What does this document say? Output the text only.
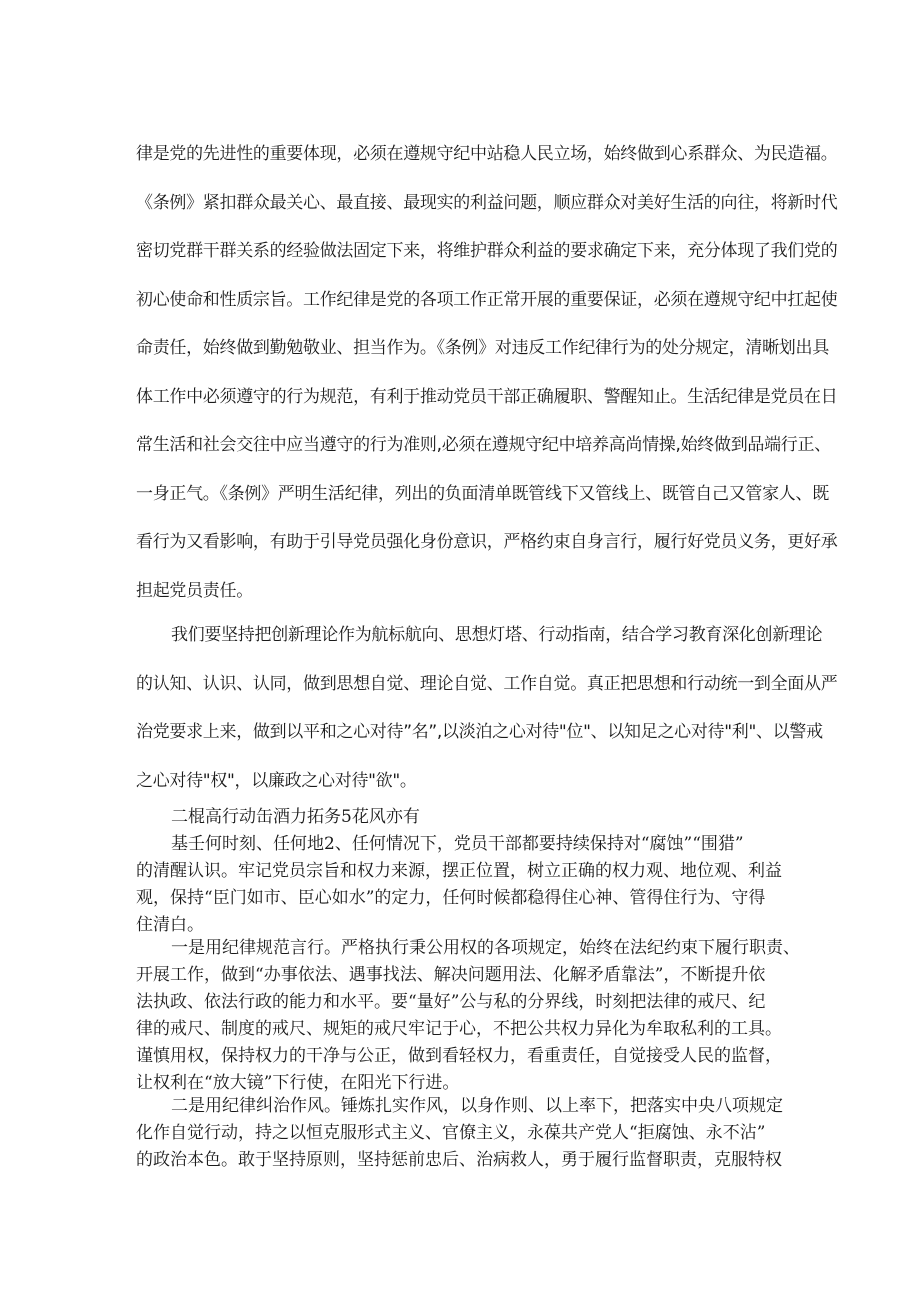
律是党的先进性的重要体现，必须在遵规守纪中站稳人民立场，始终做到心系群众、为民造福。
《条例》紧扣群众最关心、最直接、最现实的利益问题，顺应群众对美好生活的向往，将新时代
密切党群干群关系的经验做法固定下来，将维护群众利益的要求确定下来，充分体现了我们党的
初心使命和性质宗旨。工作纪律是党的各项工作正常开展的重要保证，必须在遵规守纪中扛起使
命责任，始终做到勤勉敬业、担当作为。《条例》对违反工作纪律行为的处分规定，清晰划出具
体工作中必须遵守的行为规范，有利于推动党员干部正确履职、警醒知止。生活纪律是党员在日
常生活和社会交往中应当遵守的行为准则,必须在遵规守纪中培养高尚情操,始终做到品端行正、
一身正气。《条例》严明生活纪律，列出的负面清单既管线下又管线上、既管自己又管家人、既
看行为又看影响，有助于引导党员强化身份意识，严格约束自身言行，履行好党员义务，更好承
担起党员责任。
我们要坚持把创新理论作为航标航向、思想灯塔、行动指南，结合学习教育深化创新理论
的认知、认识、认同，做到思想自觉、理论自觉、工作自觉。真正把思想和行动统一到全面从严
治党要求上来，做到以平和之心对待”名”,以淡泊之心对待"位"、以知足之心对待"利"、以警戒
之心对待"权"，以廉政之心对待"欲"。
二棍高行动缶酒力拓务5花风亦有
基壬何时刻、任何地2、任何情况下，党员干部都要持续保持对“腐蚀”“围猎”
的清醒认识。牢记党员宗旨和权力来源，摆正位置，树立正确的权力观、地位观、利益
观，保持“臣门如市、臣心如水”的定力，任何时候都稳得住心神、管得住行为、守得
住清白。
一是用纪律规范言行。严格执行秉公用权的各项规定，始终在法纪约束下履行职责、
开展工作，做到“办事依法、遇事找法、解决问题用法、化解矛盾靠法”，不断提升依
法执政、依法行政的能力和水平。要“量好”公与私的分界线，时刻把法律的戒尺、纪
律的戒尺、制度的戒尺、规矩的戒尺牢记于心，不把公共权力异化为牟取私利的工具。
谨慎用权，保持权力的干净与公正，做到看轻权力，看重责任，自觉接受人民的监督，
让权利在“放大镜”下行使，在阳光下行进。
二是用纪律纠治作风。锤炼扎实作风，以身作则、以上率下，把落实中央八项规定
化作自觉行动，持之以恒克服形式主义、官僚主义，永葆共产党人“拒腐蚀、永不沾”
的政治本色。敢于坚持原则，坚持惩前忠后、治病救人，勇于履行监督职责，克服特权
